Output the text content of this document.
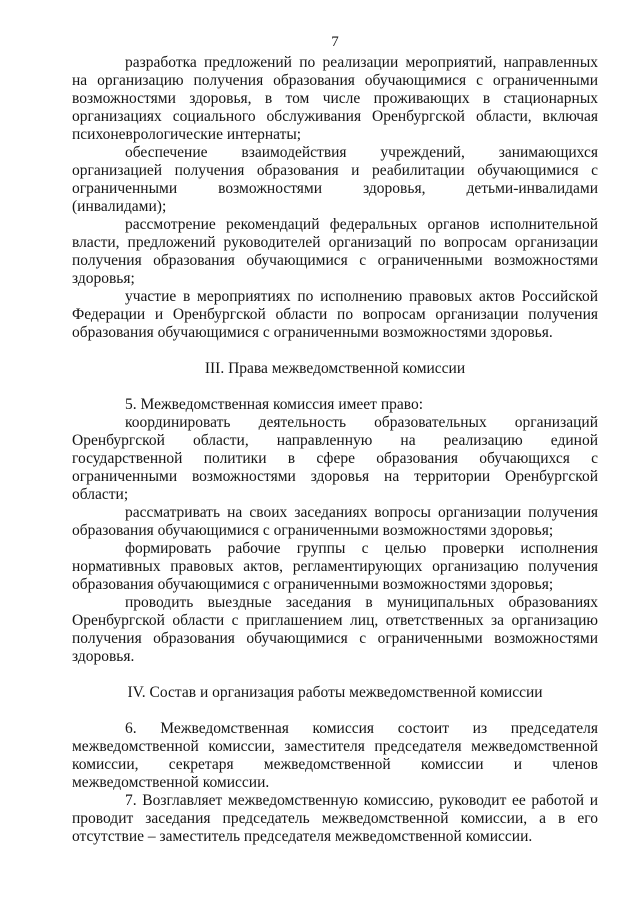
7
разработка предложений по реализации мероприятий, направленных
на организацию получения образования обучающимися с ограниченными
возможностями здоровья, в том числе проживающих в стационарных
организациях социального обслуживания Оренбургской области, включая
психоневрологические интернаты;
обеспечение взаимодействия учреждений, занимающихся
организацией получения образования и реабилитации обучающимися с
ограниченными возможностями здоровья, детьми-инвалидами
(инвалидами);
рассмотрение рекомендаций федеральных органов исполнительной
власти, предложений руководителей организаций по вопросам организации
получения образования обучающимися с ограниченными возможностями
здоровья;
участие в мероприятиях по исполнению правовых актов Российской
Федерации и Оренбургской области по вопросам организации получения
образования обучающимися с ограниченными возможностями здоровья.
III. Права межведомственной комиссии
5. Межведомственная комиссия имеет право:
координировать деятельность образовательных организаций
Оренбургской области, направленную на реализацию единой
государственной политики в сфере образования обучающихся с
ограниченными возможностями здоровья на территории Оренбургской
области;
рассматривать на своих заседаниях вопросы организации получения
образования обучающимися с ограниченными возможностями здоровья;
формировать рабочие группы с целью проверки исполнения
нормативных правовых актов, регламентирующих организацию получения
образования обучающимися с ограниченными возможностями здоровья;
проводить выездные заседания в муниципальных образованиях
Оренбургской области с приглашением лиц, ответственных за организацию
получения образования обучающимися с ограниченными возможностями
здоровья.
IV. Состав и организация работы межведомственной комиссии
6. Межведомственная комиссия состоит из председателя
межведомственной комиссии, заместителя председателя межведомственной
комиссии, секретаря межведомственной комиссии и членов
межведомственной комиссии.
7. Возглавляет межведомственную комиссию, руководит ее работой и
проводит заседания председатель межведомственной комиссии, а в его
отсутствие – заместитель председателя межведомственной комиссии.
